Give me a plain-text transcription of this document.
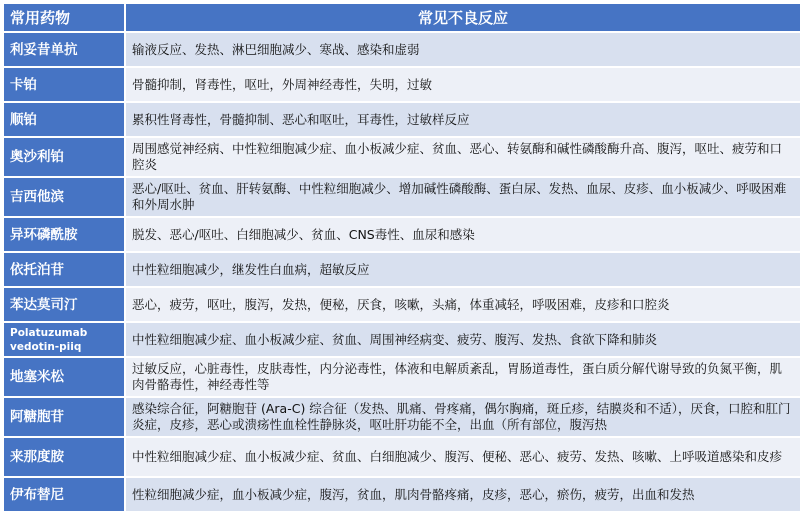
常用药物	常见不良反应
利妥昔单抗	输液反应、发热、淋巴细胞减少、寒战、感染和虚弱
卡铂	骨髓抑制，肾毒性，呕吐，外周神经毒性，失明，过敏
顺铂	累积性肾毒性，骨髓抑制、恶心和呕吐，耳毒性，过敏样反应
奥沙利铂	周围感觉神经病、中性粒细胞减少症、血小板减少症、贫血、恶心、转氨酶和碱性磷酸酶升高、腹泻，呕吐、疲劳和口腔炎
吉西他滨	恶心/呕吐、贫血、肝转氨酶、中性粒细胞减少、增加碱性磷酸酶、蛋白尿、发热、血尿、皮疹、血小板减少、呼吸困难和外周水肿
异环磷酰胺	脱发、恶心/呕吐、白细胞减少、贫血、CNS毒性、血尿和感染
依托泊苷	中性粒细胞减少，继发性白血病，超敏反应
苯达莫司汀	恶心，疲劳，呕吐，腹泻，发热，便秘，厌食，咳嗽，头痛，体重减轻，呼吸困难，皮疹和口腔炎
Polatuzumab vedotin-piiq	中性粒细胞减少症、血小板减少症、贫血、周围神经病变、疲劳、腹泻、发热、食欲下降和肺炎
地塞米松	过敏反应，心脏毒性，皮肤毒性，内分泌毒性，体液和电解质紊乱，胃肠道毒性，蛋白质分解代谢导致的负氮平衡，肌肉骨骼毒性，神经毒性等
阿糖胞苷	感染综合征，阿糖胞苷 (Ara-C) 综合征（发热、肌痛、骨疼痛，偶尔胸痛，斑丘疹，结膜炎和不适），厌食，口腔和肛门炎症，皮疹，恶心或溃疡性血栓性静脉炎，呕吐肝功能不全，出血（所有部位，腹泻热
来那度胺	中性粒细胞减少症、血小板减少症、贫血、白细胞减少、腹泻、便秘、恶心、疲劳、发热、咳嗽、上呼吸道感染和皮疹
伊布替尼	性粒细胞减少症，血小板减少症，腹泻，贫血，肌肉骨骼疼痛，皮疹，恶心，瘀伤，疲劳，出血和发热
